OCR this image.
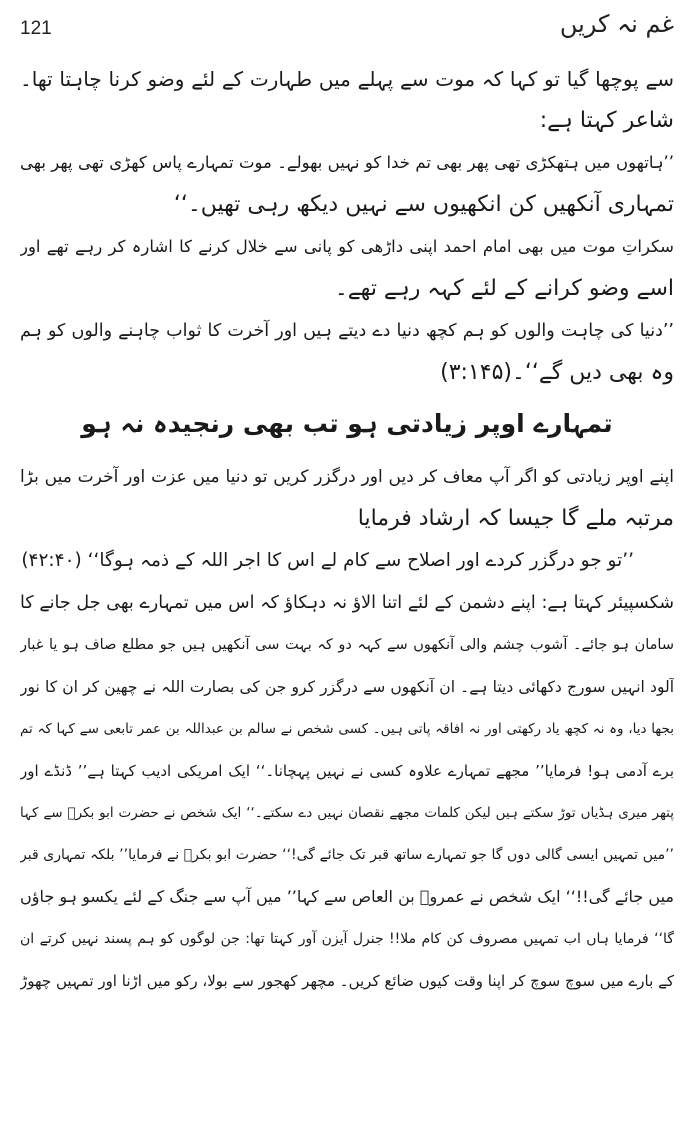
121	غم نہ کریں
سے پوچھا گیا تو کہا کہ موت سے پہلے میں طہارت کے لئے وضو کرنا چاہتا تھا۔
شاعر کہتا ہے:
’’ہاتھوں میں ہتھکڑی تھی پھر بھی تم خدا کو نہیں بھولے۔ موت تمہارے پاس کھڑی تھی پھر بھی
تمہاری آنکھیں کن انکھیوں سے نہیں دیکھ رہی تھیں۔‘‘
سکراتِ موت میں بھی امام احمد اپنی داڑھی کو پانی سے خلال کرنے کا اشارہ کر رہے تھے اور
اسے وضو کرانے کے لئے کہہ رہے تھے۔
’’دنیا کی چاہت والوں کو ہم کچھ دنیا دے دیتے ہیں اور آخرت کا ثواب چاہنے والوں کو ہم
وہ بھی دیں گے‘‘۔(۳:۱۴۵)
تمہارے اوپر زیادتی ہو تب بھی رنجیدہ نہ ہو
اپنے اوپر زیادتی کو اگر آپ معاف کر دیں اور درگزر کریں تو دنیا میں عزت اور آخرت میں بڑا
مرتبہ ملے گا جیسا کہ ارشاد فرمایا
’’تو جو درگزر کردے اور اصلاح سے کام لے اس کا اجر اللہ کے ذمہ ہوگا‘‘ (۴۲:۴۰)
شکسپیئر کہتا ہے: اپنے دشمن کے لئے اتنا الاؤ نہ دہکاؤ کہ اس میں تمہارے بھی جل جانے کا
سامان ہو جائے۔ آشوب چشم والی آنکھوں سے کہہ دو کہ بہت سی آنکھیں ہیں جو مطلع صاف ہو یا غبار
آلود انہیں سورج دکھائی دیتا ہے۔ ان آنکھوں سے درگزر کرو جن کی بصارت اللہ نے چھین کر ان کا نور
بجھا دیا، وہ نہ کچھ یاد رکھتی اور نہ افاقہ پاتی ہیں۔ کسی شخص نے سالم بن عبداللہ بن عمر تابعی سے کہا کہ تم
برے آدمی ہو! فرمایا’’ مجھے تمہارے علاوہ کسی نے نہیں پہچانا۔‘‘ ایک امریکی ادیب کہتا ہے’’ ڈنڈے اور
پتھر میری ہڈیاں توڑ سکتے ہیں لیکن کلمات مجھے نقصان نہیں دے سکتے۔‘‘ ایک شخص نے حضرت ابو بکرؓ سے کہا
’’میں تمہیں ایسی گالی دوں گا جو تمہارے ساتھ قبر تک جائے گی!‘‘ حضرت ابو بکرؓ نے فرمایا’’ بلکہ تمہاری قبر
میں جائے گی!!‘‘ ایک شخص نے عمروؓ بن العاص سے کہا’’ میں آپ سے جنگ کے لئے یکسو ہو جاؤں
گا‘‘ فرمایا ہاں اب تمہیں مصروف کن کام ملا!! جنرل آیزن آور کہتا تھا: جن لوگوں کو ہم پسند نہیں کرتے ان
کے بارے میں سوچ سوچ کر اپنا وقت کیوں ضائع کریں۔ مچھر کھجور سے بولا، رکو میں اڑنا اور تمہیں چھوڑ
